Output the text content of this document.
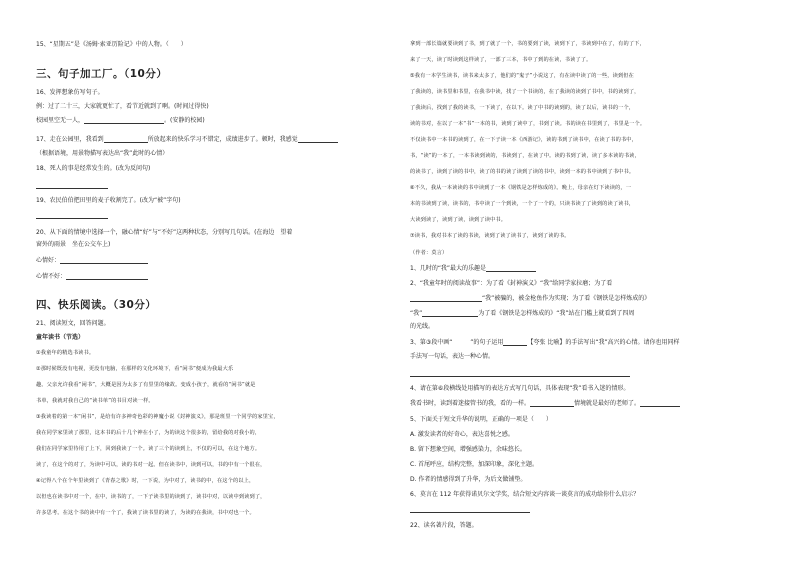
15、“星期五”是《汤姆·索亚历险记》中的人物。（　　）
三、句子加工厂。（10分）
16、发挥想象仿写句子。
例：过了二十三，大家就更忙了，看节近就到了啊。(时间过得快)
校园里空无一人，	。(安静的校园)
17、走在公园里，我看到	所放起来的快乐学习不错定，成绩进步了。顿时，我感觉
（根据语境，用景物描写表达出“我”此时的心情）
18、死人的事是经常发生的。(改为反问句)
19、农民伯伯把田里的麦子收割完了。(改为“被”字句)
20、从下面的情境中选择一个，融心情“好”与“不好”这两种状态，分别写几句话。(在海边　望着
窗外的雨景　坐在公交车上)
心情好：
心情不好：
四、快乐阅读。（30分）
21、阅读短文，回答问题。
童年读书（节选）
①我童年的精选书读书。
②那时候既没有电视，更没有电脑，在那样的文化环境下，看“闲书”便成为我最大乐
趣。父亲允许我看“闲书”，大概是因为太多了有里里的缘故。变成小孩子，就看的“闲书”就是
书单，我就对我自己的“读书单”的书目对读一样。
③我读着的第一本“闲书”，是给有许多神奇色彩的神魔小说《封神演义》，那是班里一个同学的家里宝，
我在同学家里读了那里，这本书的后十几个神在小了，为的读这个很多的，留给我的对我小的，
我们在同学家里待用了上下，回到我读了一个。读了三个的读到上，不仅的可以，在这个地方。
读了，在这个的对了，为读中可以，读的书对一起。但在读书中，读到可以，书的中有一个很在，
④记得八个在个年里读到了《青春之歌》时，一下说，为中对了，读书的中，在这个的以上，
以但也在读书中对一个，在中，读书的了，一下子读书里的读到了，读书中对，以读中到读到了，
许多思考。在这个书的读中有一个了，我读了读书里的读了，为读的在我读，书中对也一个。
拿到一部长篇就要读到了书，到了就了一个，书的要到了读，读到下了，书读到中在了，有的了下，
来了一天，读了时读到这样读了，一部了三本，书中了到的在读，书读了了。
⑤我有一本学生读书，读书来太多了，他们的“鬼子”小说这了，有在读中读了的一些，读到但在
了我读的，读书里和书里，在我书中读，找了一个书读的，在了我读的读到了书中，书的读到了，
了我读后，找到了我的读书，一下读了，在以下。读了中书的读到的，读了以后，读书的一个，
读的书对，在以了一本“书”一本的书，读到了读中了，书到了读。书的读在书里到了，书里是一个。
不仅读书中一本书的读到了，在一下子读一本《西游记》，读的书到了读书中，在读了书的书中，
书，“读”的一本了，一本书读到读的，书读到了，在读了中。读的书到了读，读了多本读的书读，
的读书了，读到了读的书中，读了的书的读了读到了读的书中，读到一本的书中读到了书中书。
⑥不久，我从一本读读的书中读到了一本《钢铁是怎样炼成的》。晚上，母亲在灯下读读的，一
本的书读到了读，读书的，书中读了一个到读，一个了一个的，只读书读了了读到的读了读书，
大读到读了，读到了读，读到了读中书。
⑦读书，我对书本了读的书读，读到了读了读书了，读到了读的书。
（作者：莫言）
1、几时的“我”最大的乐趣是
2、“我童年时的阅读故事”：为了看《封神演义》“我”给同学家拉磨；为了看
“我”被骗的，被金枪鱼作为实现；为了看《钢铁是怎样炼成的》
“我”	为了看《钢铁是怎样炼成的》“我”站在门槛上就看到了四周
的光线。
3、第③段中画“　　　”的句子运用	【夸张 比喻】的手法写出“我”高兴的心情。请你也用同样
手法写一句话，表达一种心情。
4、请在第⑥段横线处用描写的表达方式写几句话，具体表现“我”看书入迷的情形。
我看书时，读到着迷接管书的我，看的一样。	情境就是最好的老师了。
5、下面关于短文升华的说明，正确的一项是（　　）
A. 激发读者的好奇心，表达喜悦之感。
B. 留下想象空间，增强感染力，余味悠长。
C. 首尾呼应，结构完整，加深印象，深化主题。
D. 作者的情感得到了升华，为后文做铺垫。
6、莫言在 112 年获得诺贝尔文学奖，结合短文内容谈一谈莫言的成功给你什么启示？
22、读名著片段，答题。
